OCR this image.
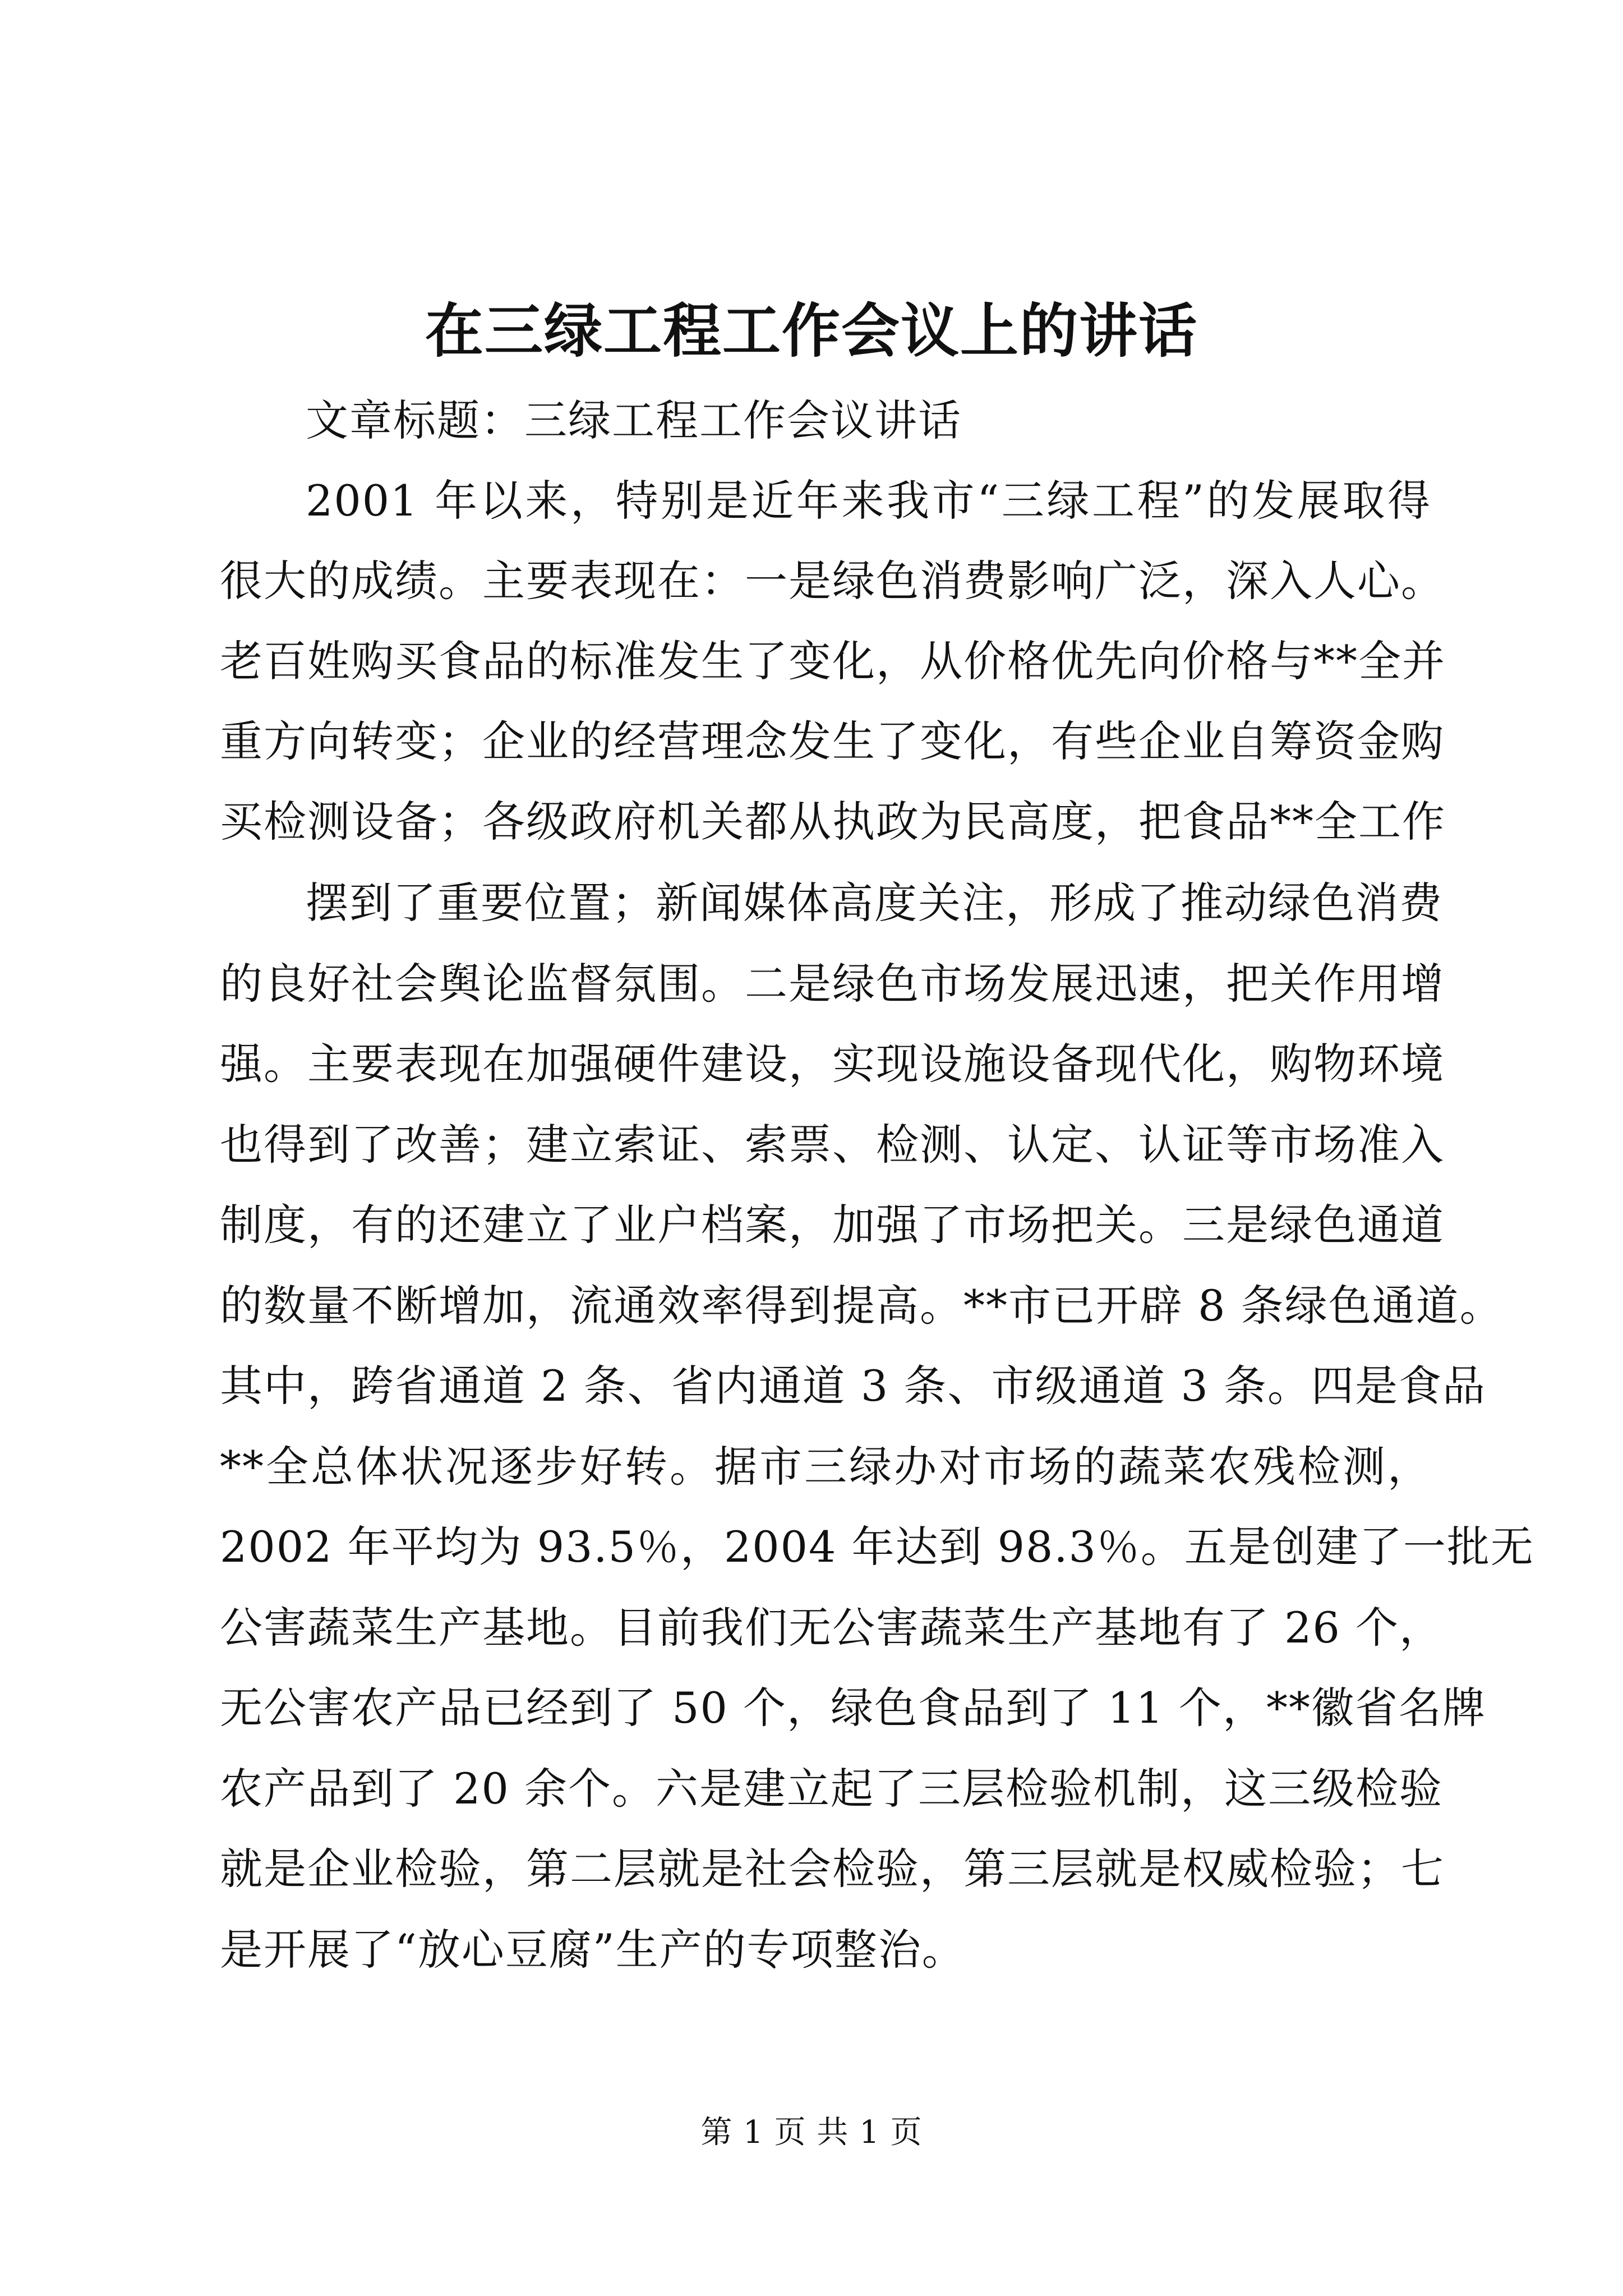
在三绿工程工作会议上的讲话
文章标题：三绿工程工作会议讲话
2001 年以来，特别是近年来我市“三绿工程”的发展取得
很大的成绩。主要表现在：一是绿色消费影响广泛，深入人心。
老百姓购买食品的标准发生了变化，从价格优先向价格与**全并
重方向转变；企业的经营理念发生了变化，有些企业自筹资金购
买检测设备；各级政府机关都从执政为民高度，把食品**全工作
摆到了重要位置；新闻媒体高度关注，形成了推动绿色消费
的良好社会舆论监督氛围。二是绿色市场发展迅速，把关作用增
强。主要表现在加强硬件建设，实现设施设备现代化，购物环境
也得到了改善；建立索证、索票、检测、认定、认证等市场准入
制度，有的还建立了业户档案，加强了市场把关。三是绿色通道
的数量不断增加，流通效率得到提高。**市已开辟 8 条绿色通道。
其中，跨省通道 2 条、省内通道 3 条、市级通道 3 条。四是食品
**全总体状况逐步好转。据市三绿办对市场的蔬菜农残检测，
2002 年平均为 93.5％，2004 年达到 98.3％。五是创建了一批无
公害蔬菜生产基地。目前我们无公害蔬菜生产基地有了 26 个，
无公害农产品已经到了 50 个，绿色食品到了 11 个，**徽省名牌
农产品到了 20 余个。六是建立起了三层检验机制，这三级检验
就是企业检验，第二层就是社会检验，第三层就是权威检验；七
是开展了“放心豆腐”生产的专项整治。
第 1 页 共 1 页
